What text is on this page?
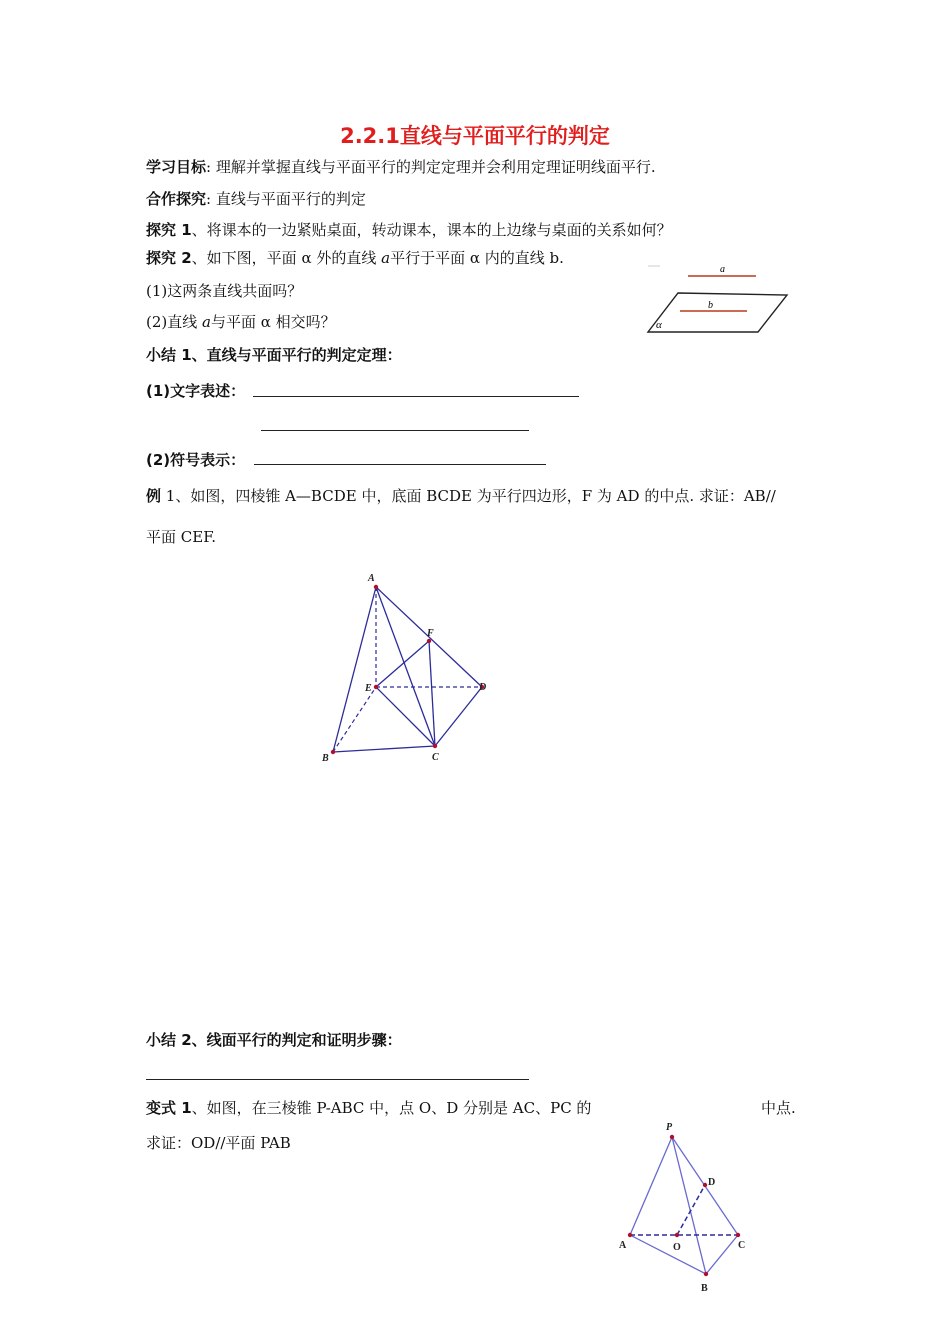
2.2.1直线与平面平行的判定
学习目标: 理解并掌握直线与平面平行的判定定理并会利用定理证明线面平行.
合作探究: 直线与平面平行的判定
探究 1、将课本的一边紧贴桌面，转动课本，课本的上边缘与桌面的关系如何？
探究 2、如下图，平面 α 外的直线 a平行于平面 α 内的直线 b.
(1)这两条直线共面吗？
(2)直线 a与平面 α 相交吗？
a
b
α
小结 1、直线与平面平行的判定定理：
(1)文字表述：
(2)符号表示：
例 1、如图，四棱锥 A—BCDE 中，底面 BCDE 为平行四边形，F 为 AD 的中点. 求证：AB//
平面 CEF.
A
B	C
D
E
F
小结 2、线面平行的判定和证明步骤：
变式 1、如图，在三棱锥 P-ABC 中，点 O、D 分别是 AC、PC 的	中点.
求证：OD//平面 PAB
P
A
B
C
D
O
